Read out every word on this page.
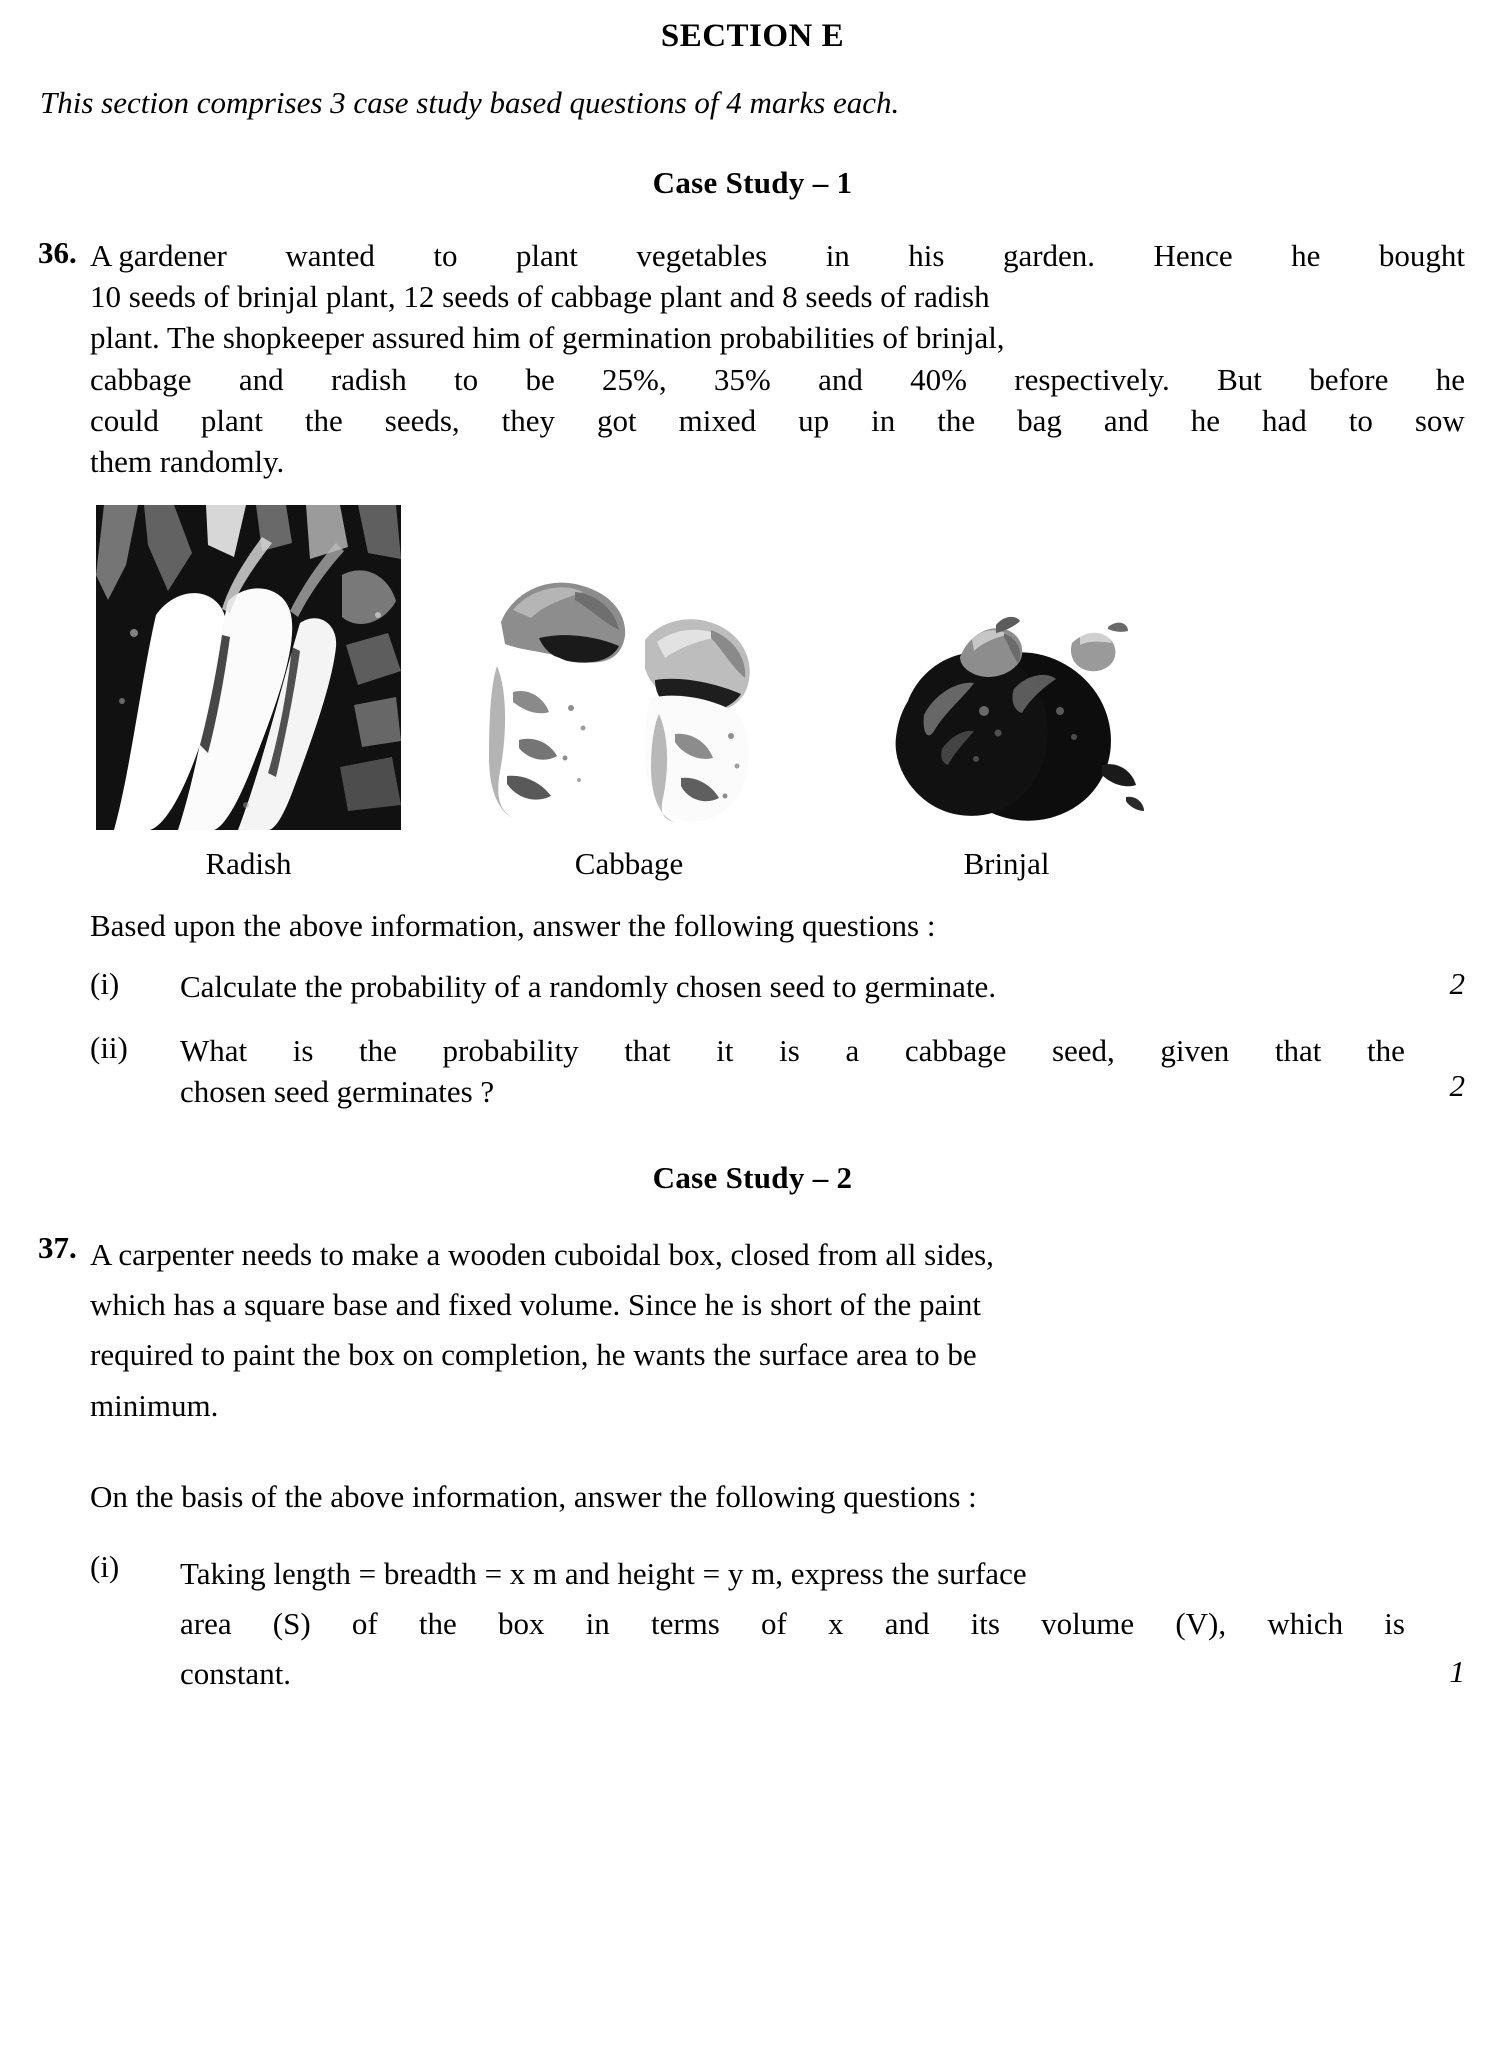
SECTION E
This section comprises 3 case study based questions of 4 marks each.
Case Study – 1
36. A gardener wanted to plant vegetables in his garden. Hence he bought
10 seeds of brinjal plant, 12 seeds of cabbage plant and 8 seeds of radish
plant. The shopkeeper assured him of germination probabilities of brinjal,
cabbage and radish to be 25%, 35% and 40% respectively. But before he
could plant the seeds, they got mixed up in the bag and he had to sow
them randomly.
Radish	Cabbage	Brinjal
Based upon the above information, answer the following questions :
(i)	Calculate the probability of a randomly chosen seed to germinate.	2
(ii)	What is the probability that it is a cabbage seed, given that the
chosen seed germinates ?	2
Case Study – 2
37. A carpenter needs to make a wooden cuboidal box, closed from all sides,
which has a square base and fixed volume. Since he is short of the paint
required to paint the box on completion, he wants the surface area to be
minimum.
On the basis of the above information, answer the following questions :
(i)	Taking length = breadth = x m and height = y m, express the surface
area (S) of the box in terms of x and its volume (V), which is
constant.	1
